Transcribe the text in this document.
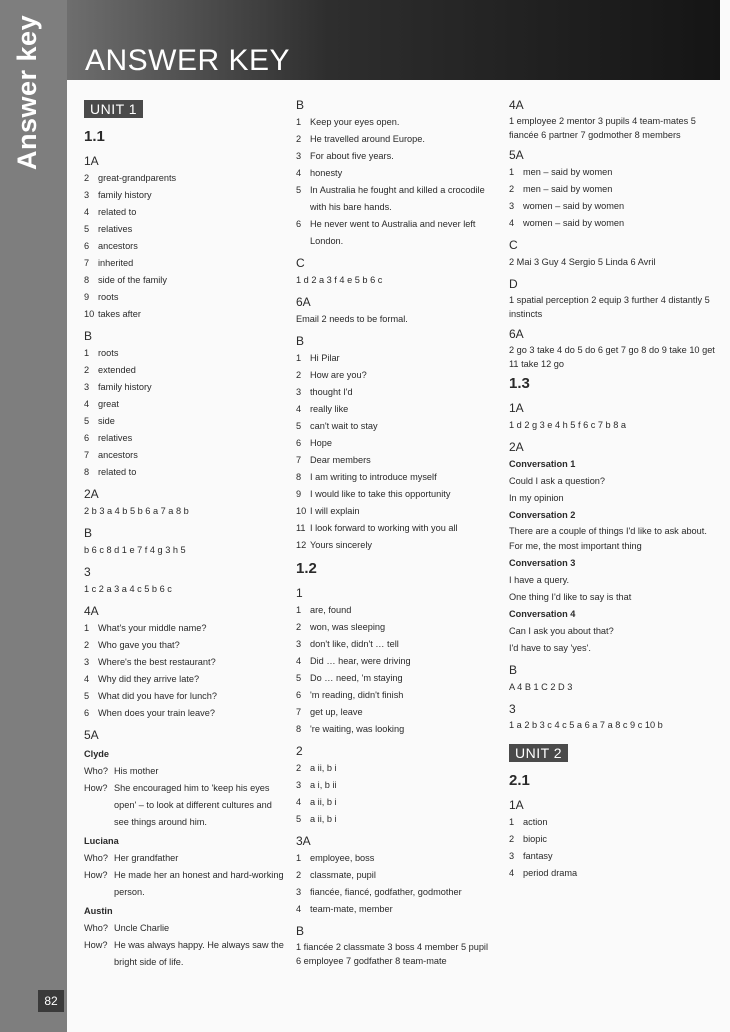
Answer key
82
ANSWER KEY
UNIT 1
1.1
1A
2 great-grandparents
3 family history
4 related to
5 relatives
6 ancestors
7 inherited
8 side of the family
9 roots
10 takes after
B
1 roots
2 extended
3 family history
4 great
5 side
6 relatives
7 ancestors
8 related to
2A
2 b 3 a 4 b 5 b 6 a 7 a 8 b
B
b 6 c 8 d 1 e 7 f 4 g 3 h 5
3
1 c 2 a 3 a 4 c 5 b 6 c
4A
1 What's your middle name?
2 Who gave you that?
3 Where's the best restaurant?
4 Why did they arrive late?
5 What did you have for lunch?
6 When does your train leave?
5A
Clyde
Who? His mother
How? She encouraged him to 'keep his eyes open' – to look at different cultures and see things around him.
Luciana
Who? Her grandfather
How? He made her an honest and hard-working person.
Austin
Who? Uncle Charlie
How? He was always happy. He always saw the bright side of life.
B
1 Keep your eyes open.
2 He travelled around Europe.
3 For about five years.
4 honesty
5 In Australia he fought and killed a crocodile with his bare hands.
6 He never went to Australia and never left London.
C
1 d 2 a 3 f 4 e 5 b 6 c
6A
Email 2 needs to be formal.
B
1 Hi Pilar
2 How are you?
3 thought I'd
4 really like
5 can't wait to stay
6 Hope
7 Dear members
8 I am writing to introduce myself
9 I would like to take this opportunity
10 I will explain
11 I look forward to working with you all
12 Yours sincerely
1.2
1
1 are, found
2 won, was sleeping
3 don't like, didn't … tell
4 Did … hear, were driving
5 Do … need, 'm staying
6 'm reading, didn't finish
7 get up, leave
8 're waiting, was looking
2
2 a ii, b i
3 a i, b ii
4 a ii, b i
5 a ii, b i
3A
1 employee, boss
2 classmate, pupil
3 fiancée, fiancé, godfather, godmother
4 team-mate, member
B
1 fiancée 2 classmate 3 boss 4 member 5 pupil 6 employee 7 godfather 8 team-mate
4A
1 employee 2 mentor 3 pupils 4 team-mates 5 fiancée 6 partner 7 godmother 8 members
5A
1 men – said by women
2 men – said by women
3 women – said by women
4 women – said by women
C
2 Mai 3 Guy 4 Sergio 5 Linda 6 Avril
D
1 spatial perception 2 equip 3 further 4 distantly 5 instincts
6A
2 go 3 take 4 do 5 do 6 get 7 go 8 do 9 take 10 get 11 take 12 go
1.3
1A
1 d 2 g 3 e 4 h 5 f 6 c 7 b 8 a
2A
Conversation 1
Could I ask a question?
In my opinion
Conversation 2
There are a couple of things I'd like to ask about.
For me, the most important thing
Conversation 3
I have a query.
One thing I'd like to say is that
Conversation 4
Can I ask you about that?
I'd have to say 'yes'.
B
A 4 B 1 C 2 D 3
3
1 a 2 b 3 c 4 c 5 a 6 a 7 a 8 c 9 c 10 b
UNIT 2
2.1
1A
1 action
2 biopic
3 fantasy
4 period drama
